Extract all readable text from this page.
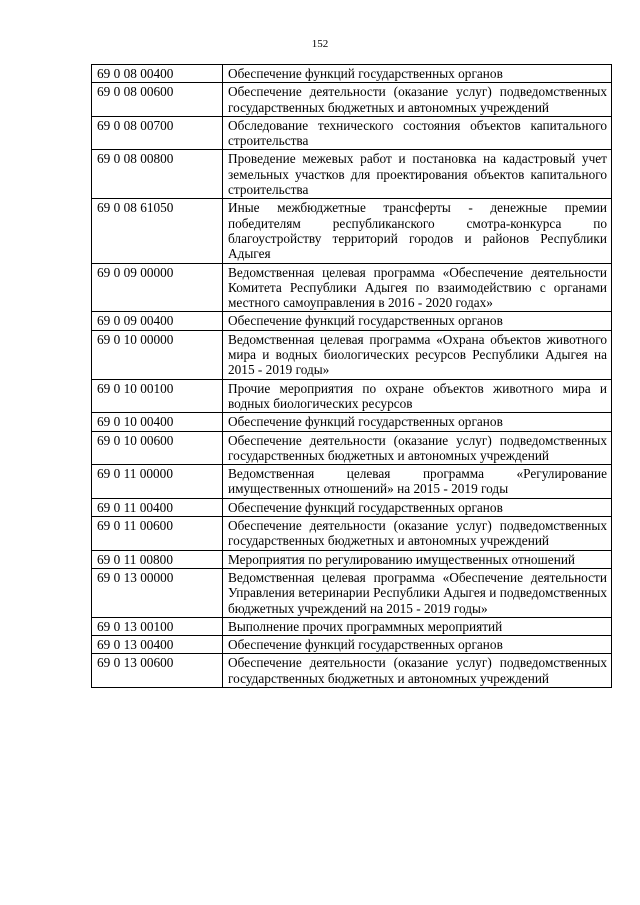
152
69 0 08 00400	Обеспечение функций государственных органов
69 0 08 00600	Обеспечение деятельности (оказание услуг) подведомственных государственных бюджетных и автономных учреждений
69 0 08 00700	Обследование технического состояния объектов капитального строительства
69 0 08 00800	Проведение межевых работ и постановка на кадастровый учет земельных участков для проектирования объектов капитального строительства
69 0 08 61050	Иные межбюджетные трансферты - денежные премии победителям республиканского смотра-конкурса по благоустройству территорий городов и районов Республики Адыгея
69 0 09 00000	Ведомственная целевая программа «Обеспечение деятельности Комитета Республики Адыгея по взаимодействию с органами местного самоуправления в 2016 - 2020 годах»
69 0 09 00400	Обеспечение функций государственных органов
69 0 10 00000	Ведомственная целевая программа «Охрана объектов животного мира и водных биологических ресурсов Республики Адыгея на 2015 - 2019 годы»
69 0 10 00100	Прочие мероприятия по охране объектов животного мира и водных биологических ресурсов
69 0 10 00400	Обеспечение функций государственных органов
69 0 10 00600	Обеспечение деятельности (оказание услуг) подведомственных государственных бюджетных и автономных учреждений
69 0 11 00000	Ведомственная целевая программа «Регулирование имущественных отношений» на 2015 - 2019 годы
69 0 11 00400	Обеспечение функций государственных органов
69 0 11 00600	Обеспечение деятельности (оказание услуг) подведомственных государственных бюджетных и автономных учреждений
69 0 11 00800	Мероприятия по регулированию имущественных отношений
69 0 13 00000	Ведомственная целевая программа «Обеспечение деятельности Управления ветеринарии Республики Адыгея и подведомственных бюджетных учреждений на 2015 - 2019 годы»
69 0 13 00100	Выполнение прочих программных мероприятий
69 0 13 00400	Обеспечение функций государственных органов
69 0 13 00600	Обеспечение деятельности (оказание услуг) подведомственных государственных бюджетных и автономных учреждений
